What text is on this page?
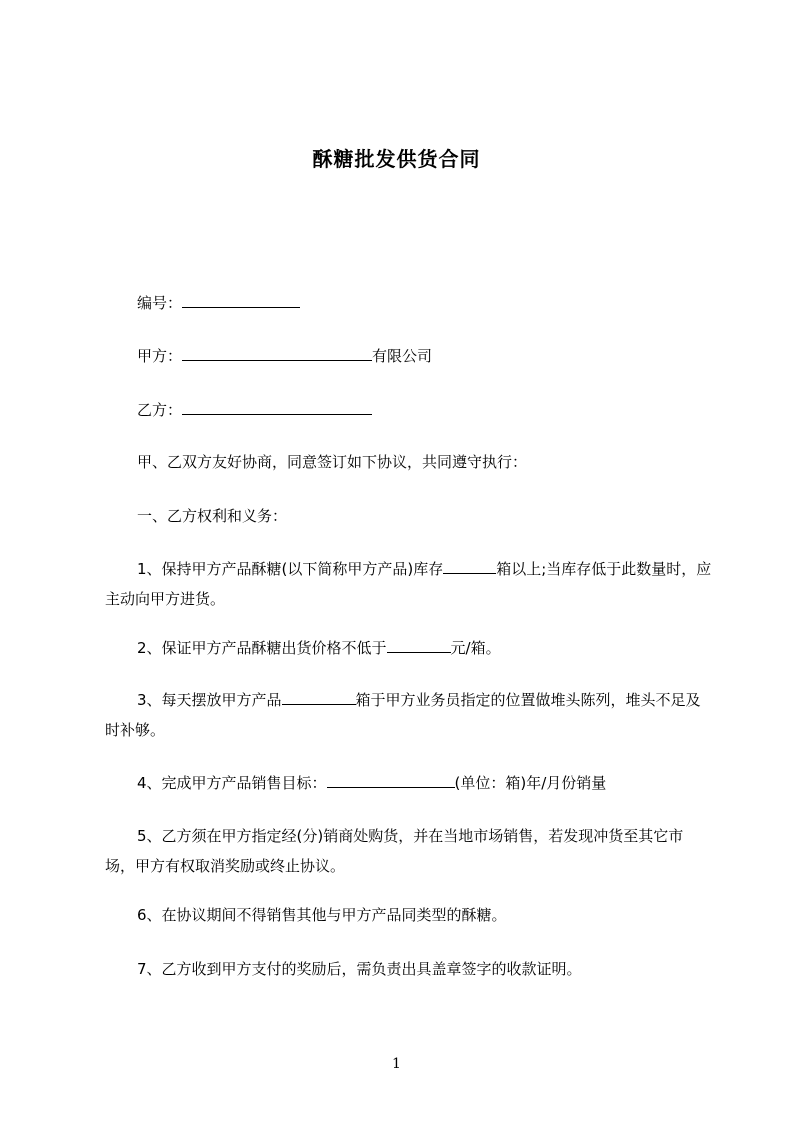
酥糖批发供货合同
编号：
甲方：	有限公司
乙方：
甲、乙双方友好协商，同意签订如下协议，共同遵守执行：
一、乙方权利和义务：
1、保持甲方产品酥糖(以下简称甲方产品)库存	箱以上;当库存低于此数量时，应主动向甲方进货。
2、保证甲方产品酥糖出货价格不低于	元/箱。
3、每天摆放甲方产品	箱于甲方业务员指定的位置做堆头陈列，堆头不足及时补够。
4、完成甲方产品销售目标：	(单位：箱)年/月份销量
5、乙方须在甲方指定经(分)销商处购货，并在当地市场销售，若发现冲货至其它市场，甲方有权取消奖励或终止协议。
6、在协议期间不得销售其他与甲方产品同类型的酥糖。
7、乙方收到甲方支付的奖励后，需负责出具盖章签字的收款证明。
1
